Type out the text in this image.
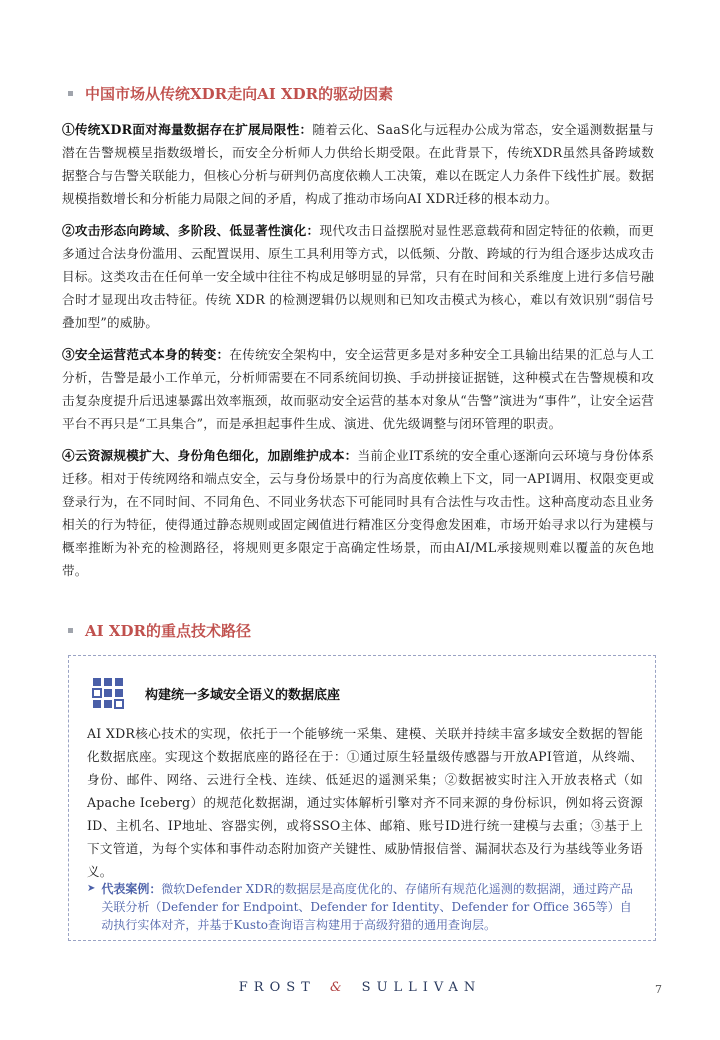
中国市场从传统XDR走向AI XDR的驱动因素

①传统XDR面对海量数据存在扩展局限性：随着云化、SaaS化与远程办公成为常态，安全遥测数据量与潜在告警规模呈指数级增长，而安全分析师人力供给长期受限。在此背景下，传统XDR虽然具备跨域数据整合与告警关联能力，但核心分析与研判仍高度依赖人工决策，难以在既定人力条件下线性扩展。数据规模指数增长和分析能力局限之间的矛盾，构成了推动市场向AI XDR迁移的根本动力。

②攻击形态向跨域、多阶段、低显著性演化：现代攻击日益摆脱对显性恶意载荷和固定特征的依赖，而更多通过合法身份滥用、云配置误用、原生工具利用等方式，以低频、分散、跨域的行为组合逐步达成攻击目标。这类攻击在任何单一安全域中往往不构成足够明显的异常，只有在时间和关系维度上进行多信号融合时才显现出攻击特征。传统 XDR 的检测逻辑仍以规则和已知攻击模式为核心，难以有效识别“弱信号叠加型”的威胁。

③安全运营范式本身的转变：在传统安全架构中，安全运营更多是对多种安全工具输出结果的汇总与人工分析，告警是最小工作单元，分析师需要在不同系统间切换、手动拼接证据链，这种模式在告警规模和攻击复杂度提升后迅速暴露出效率瓶颈，故而驱动安全运营的基本对象从“告警”演进为“事件”，让安全运营平台不再只是“工具集合”，而是承担起事件生成、演进、优先级调整与闭环管理的职责。

④云资源规模扩大、身份角色细化，加剧维护成本：当前企业IT系统的安全重心逐渐向云环境与身份体系迁移。相对于传统网络和端点安全，云与身份场景中的行为高度依赖上下文，同一API调用、权限变更或登录行为，在不同时间、不同角色、不同业务状态下可能同时具有合法性与攻击性。这种高度动态且业务相关的行为特征，使得通过静态规则或固定阈值进行精准区分变得愈发困难，市场开始寻求以行为建模与概率推断为补充的检测路径，将规则更多限定于高确定性场景，而由AI/ML承接规则难以覆盖的灰色地带。

AI XDR的重点技术路径
构建统一多域安全语义的数据底座

AI XDR核心技术的实现，依托于一个能够统一采集、建模、关联并持续丰富多域安全数据的智能化数据底座。实现这个数据底座的路径在于：①通过原生轻量级传感器与开放API管道，从终端、身份、邮件、网络、云进行全栈、连续、低延迟的遥测采集；②数据被实时注入开放表格式（如Apache Iceberg）的规范化数据湖，通过实体解析引擎对齐不同来源的身份标识，例如将云资源ID、主机名、IP地址、容器实例，或将SSO主体、邮箱、账号ID进行统一建模与去重；③基于上下文管道，为每个实体和事件动态附加资产关键性、威胁情报信誉、漏洞状态及行为基线等业务语义。

➤ 代表案例：微软Defender XDR的数据层是高度优化的、存储所有规范化遥测的数据湖，通过跨产品关联分析（Defender for Endpoint、Defender for Identity、Defender for Office 365等）自动执行实体对齐，并基于Kusto查询语言构建用于高级狩猎的通用查询层。
FROST & SULLIVAN	7
